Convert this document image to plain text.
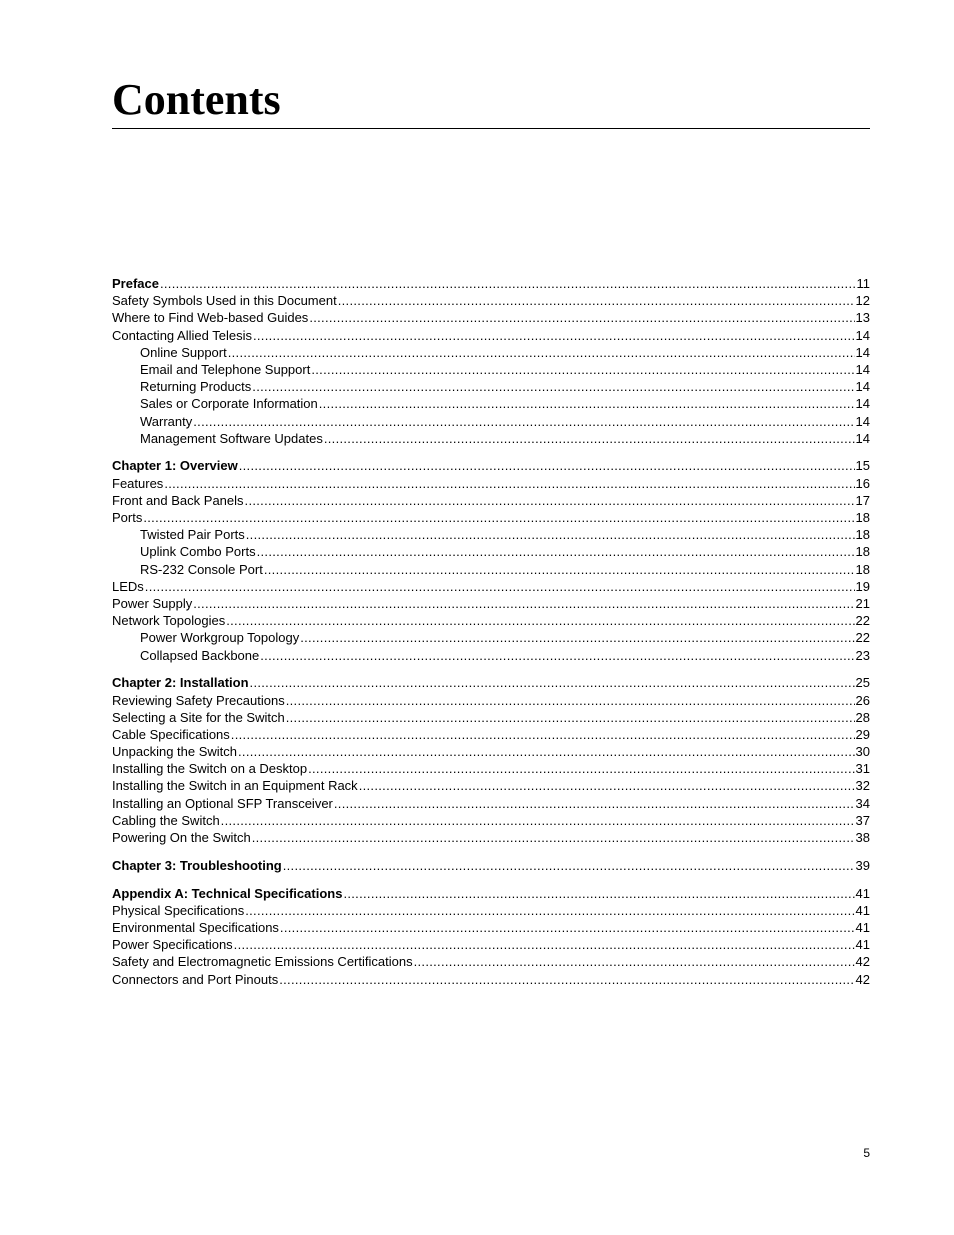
Contents
Preface .....	11
Safety Symbols Used in this Document .....	12
Where to Find Web-based Guides .....	13
Contacting Allied Telesis .....	14
Online Support .....	14
Email and Telephone Support .....	14
Returning Products .....	14
Sales or Corporate Information .....	14
Warranty .....	14
Management Software Updates .....	14
Chapter 1: Overview .....	15
Features .....	16
Front and Back Panels .....	17
Ports .....	18
Twisted Pair Ports .....	18
Uplink Combo Ports .....	18
RS-232 Console Port .....	18
LEDs .....	19
Power Supply .....	21
Network Topologies .....	22
Power Workgroup Topology .....	22
Collapsed Backbone .....	23
Chapter 2: Installation .....	25
Reviewing Safety Precautions .....	26
Selecting a Site for the Switch .....	28
Cable Specifications .....	29
Unpacking the Switch .....	30
Installing the Switch on a Desktop .....	31
Installing the Switch in an Equipment Rack .....	32
Installing an Optional SFP Transceiver .....	34
Cabling the Switch .....	37
Powering On the Switch .....	38
Chapter 3: Troubleshooting .....	39
Appendix A: Technical Specifications .....	41
Physical Specifications .....	41
Environmental Specifications .....	41
Power Specifications .....	41
Safety and Electromagnetic Emissions Certifications .....	42
Connectors and Port Pinouts .....	42
5
